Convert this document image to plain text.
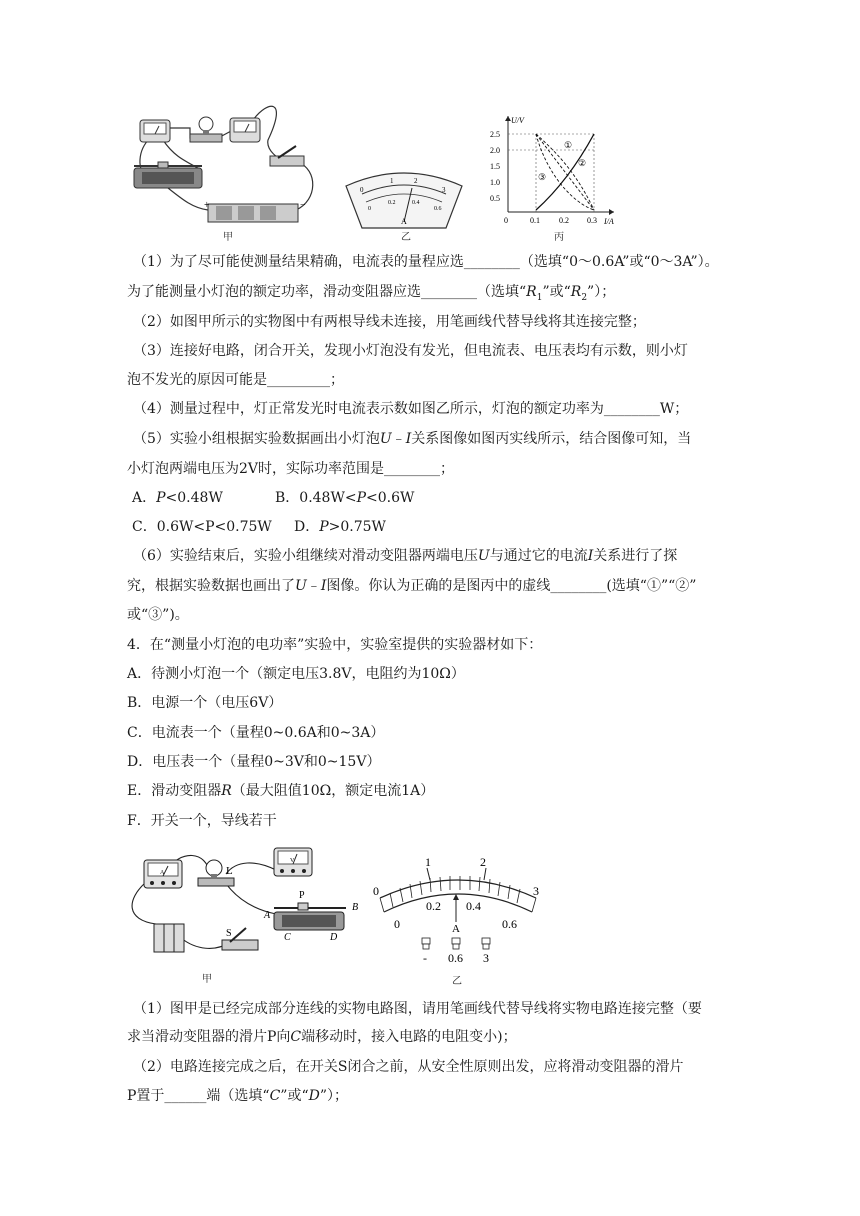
+	−
甲
0
1	2
3
0
0.2	0.4
0.6
A
乙
U/V
I/A
2.5
2.0
1.5
1.0
0.5
0	0.1 0.2 0.3
①
②
③
丙
（1）为了尽可能使测量结果精确，电流表的量程应选________（选填“0～0.6A”或“0～3A”）。
为了能测量小灯泡的额定功率，滑动变阻器应选________（选填“$R_1$”或“$R_2$”）；
（2）如图甲所示的实物图中有两根导线未连接，用笔画线代替导线将其连接完整；
（3）连接好电路，闭合开关，发现小灯泡没有发光，但电流表、电压表均有示数，则小灯
泡不发光的原因可能是_________；
（4）测量过程中，灯正常发光时电流表示数如图乙所示，灯泡的额定功率为________W；
（5）实验小组根据实验数据画出小灯泡U﹣I关系图像如图丙实线所示，结合图像可知，当
小灯泡两端电压为2V时，实际功率范围是________；
A．P<0.48W	B．0.48W<P<0.6W
C．0.6W<P<0.75W D．P>0.75W
（6）实验结束后，实验小组继续对滑动变阻器两端电压U与通过它的电流I关系进行了探
究，根据实验数据也画出了U﹣I图像。你认为正确的是图丙中的虚线________(选填“①”“②”
或“③”)。
4．在“测量小灯泡的电功率”实验中，实验室提供的实验器材如下：
A．待测小灯泡一个（额定电压3.8V，电阻约为10Ω）
B．电源一个（电压6V）
C．电流表一个（量程0~0.6A和0~3A）
D．电压表一个（量程0~3V和0~15V）
E．滑动变阻器R（最大阻值10Ω，额定电流1A）
F．开关一个，导线若干
A	L
V
P
A
B
C	D
S
甲
0
1	2
3
0
0.2 0.4
0.6
A
- 0.6 3
乙
（1）图甲是已经完成部分连线的实物电路图，请用笔画线代替导线将实物电路连接完整（要
求当滑动变阻器的滑片P向C端移动时，接入电路的电阻变小)；
（2）电路连接完成之后，在开关S闭合之前，从安全性原则出发，应将滑动变阻器的滑片
P置于______端（选填“C”或“D”）；
